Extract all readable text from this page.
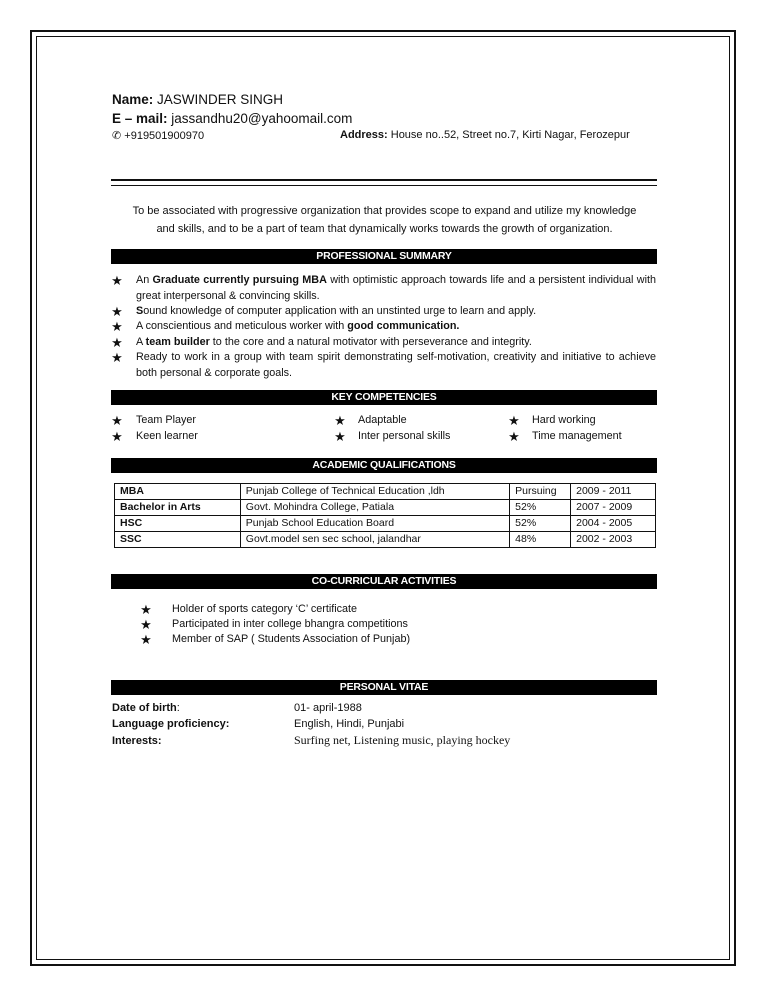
Name: JASWINDER SINGH
E – mail: jassandhu20@yahoomail.com
✆ +919501900970	Address: House no..52, Street no.7, Kirti Nagar, Ferozepur
To be associated with progressive organization that provides scope to expand and utilize my knowledge
and skills, and to be a part of team that dynamically works towards the growth of organization.
PROFESSIONAL SUMMARY
★ An Graduate currently pursuing MBA with optimistic approach towards life and a persistent individual with great interpersonal & convincing skills.
★ Sound knowledge of computer application with an unstinted urge to learn and apply.
★ A conscientious and meticulous worker with good communication.
★ A team builder to the core and a natural motivator with perseverance and integrity.
★ Ready to work in a group with team spirit demonstrating self-motivation, creativity and initiative to achieve both personal & corporate goals.
KEY COMPETENCIES
★ Team Player
★ Keen learner
★ Adaptable
★ Inter personal skills
★ Hard working
★ Time management
ACADEMIC QUALIFICATIONS
MBA	Punjab College of Technical Education ,ldh	Pursuing	2009 - 2011
Bachelor in Arts	Govt. Mohindra College, Patiala	52%	2007 - 2009
HSC	Punjab School Education Board	52%	2004 - 2005
SSC	Govt.model sen sec school, jalandhar	48%	2002 - 2003
CO-CURRICULAR ACTIVITIES
★ Holder of sports category ‘C’ certificate
★ Participated in inter college bhangra competitions
★ Member of SAP ( Students Association of Punjab)
PERSONAL VITAE
Date of birth:	01- april-1988
Language proficiency:	English, Hindi, Punjabi
Interests:	Surfing net, Listening music, playing hockey
